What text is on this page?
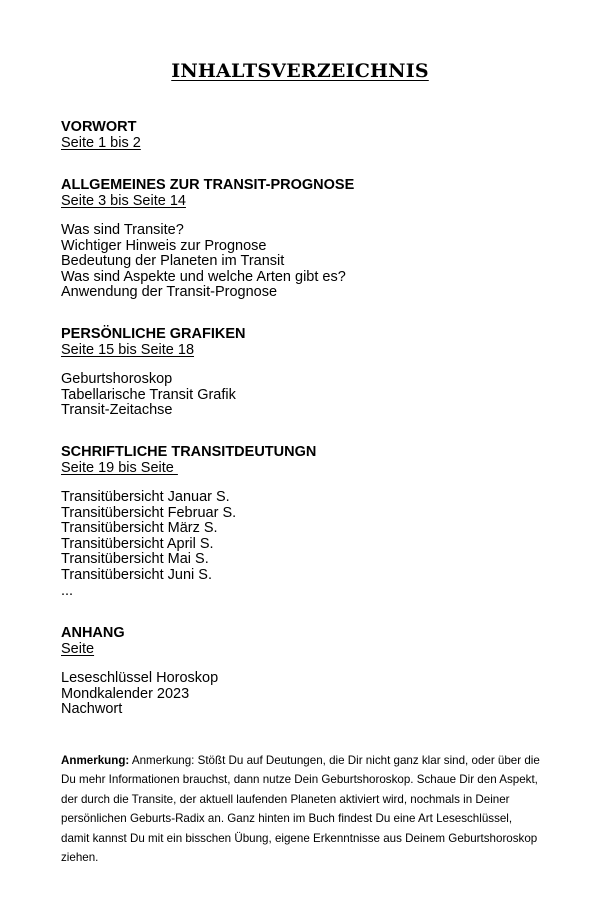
INHALTSVERZEICHNIS
VORWORT
Seite 1 bis 2
ALLGEMEINES ZUR TRANSIT-PROGNOSE
Seite 3 bis Seite 14
Was sind Transite?
Wichtiger Hinweis zur Prognose
Bedeutung der Planeten im Transit
Was sind Aspekte und welche Arten gibt es?
Anwendung der Transit-Prognose
PERSÖNLICHE GRAFIKEN
Seite 15 bis Seite 18
Geburtshoroskop
Tabellarische Transit Grafik
Transit-Zeitachse
SCHRIFTLICHE TRANSITDEUTUNGN
Seite 19 bis Seite
Transitübersicht Januar S.
Transitübersicht Februar S.
Transitübersicht März S.
Transitübersicht April S.
Transitübersicht Mai S.
Transitübersicht Juni S.
...
ANHANG
Seite
Leseschlüssel Horoskop
Mondkalender 2023
Nachwort
Anmerkung: Anmerkung: Stößt Du auf Deutungen, die Dir nicht ganz klar sind, oder über die Du mehr Informationen brauchst, dann nutze Dein Geburtshoroskop. Schaue Dir den Aspekt, der durch die Transite, der aktuell laufenden Planeten aktiviert wird, nochmals in Deiner persönlichen Geburts-Radix an. Ganz hinten im Buch findest Du eine Art Leseschlüssel, damit kannst Du mit ein bisschen Übung, eigene Erkenntnisse aus Deinem Geburtshoroskop ziehen.
